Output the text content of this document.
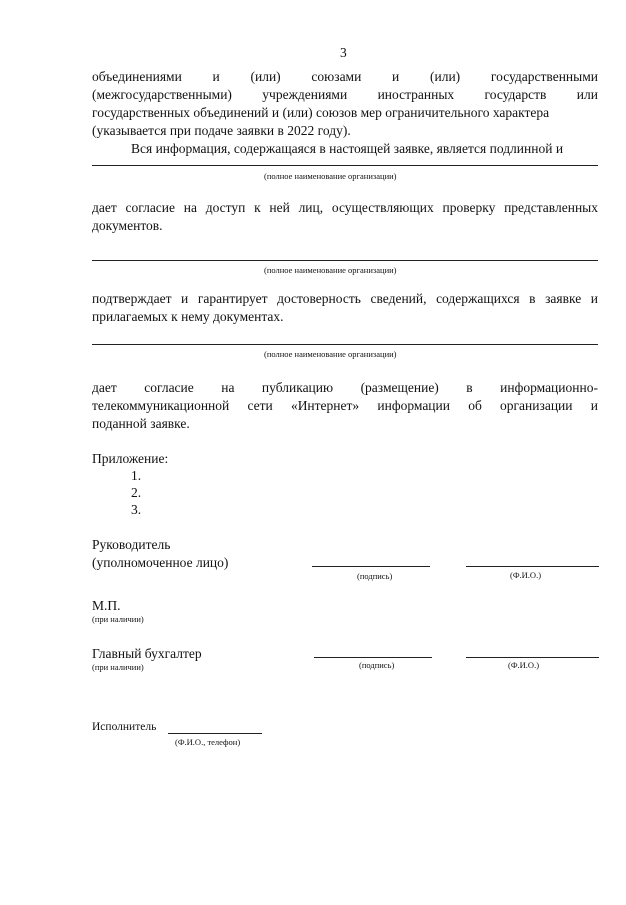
3
объединениями и (или) союзами и (или) государственными
(межгосударственными) учреждениями иностранных государств или
государственных объединений и (или) союзов мер ограничительного характера
(указывается при подаче заявки в 2022 году).
Вся информация, содержащаяся в настоящей заявке, является подлинной и
(полное наименование организации)
дает согласие на доступ к ней лиц, осуществляющих проверку представленных
документов.
(полное наименование организации)
подтверждает и гарантирует достоверность сведений, содержащихся в заявке и
прилагаемых к нему документах.
(полное наименование организации)
дает согласие на публикацию (размещение) в информационно-
телекоммуникационной сети «Интернет» информации об организации и
поданной заявке.
Приложение:
1.
2.
3.
Руководитель
(уполномоченное лицо)
(подпись)	(Ф.И.О.)
М.П.
(при наличии)
Главный бухгалтер
(при наличии)	(подпись)	(Ф.И.О.)
Исполнитель
(Ф.И.О., телефон)
